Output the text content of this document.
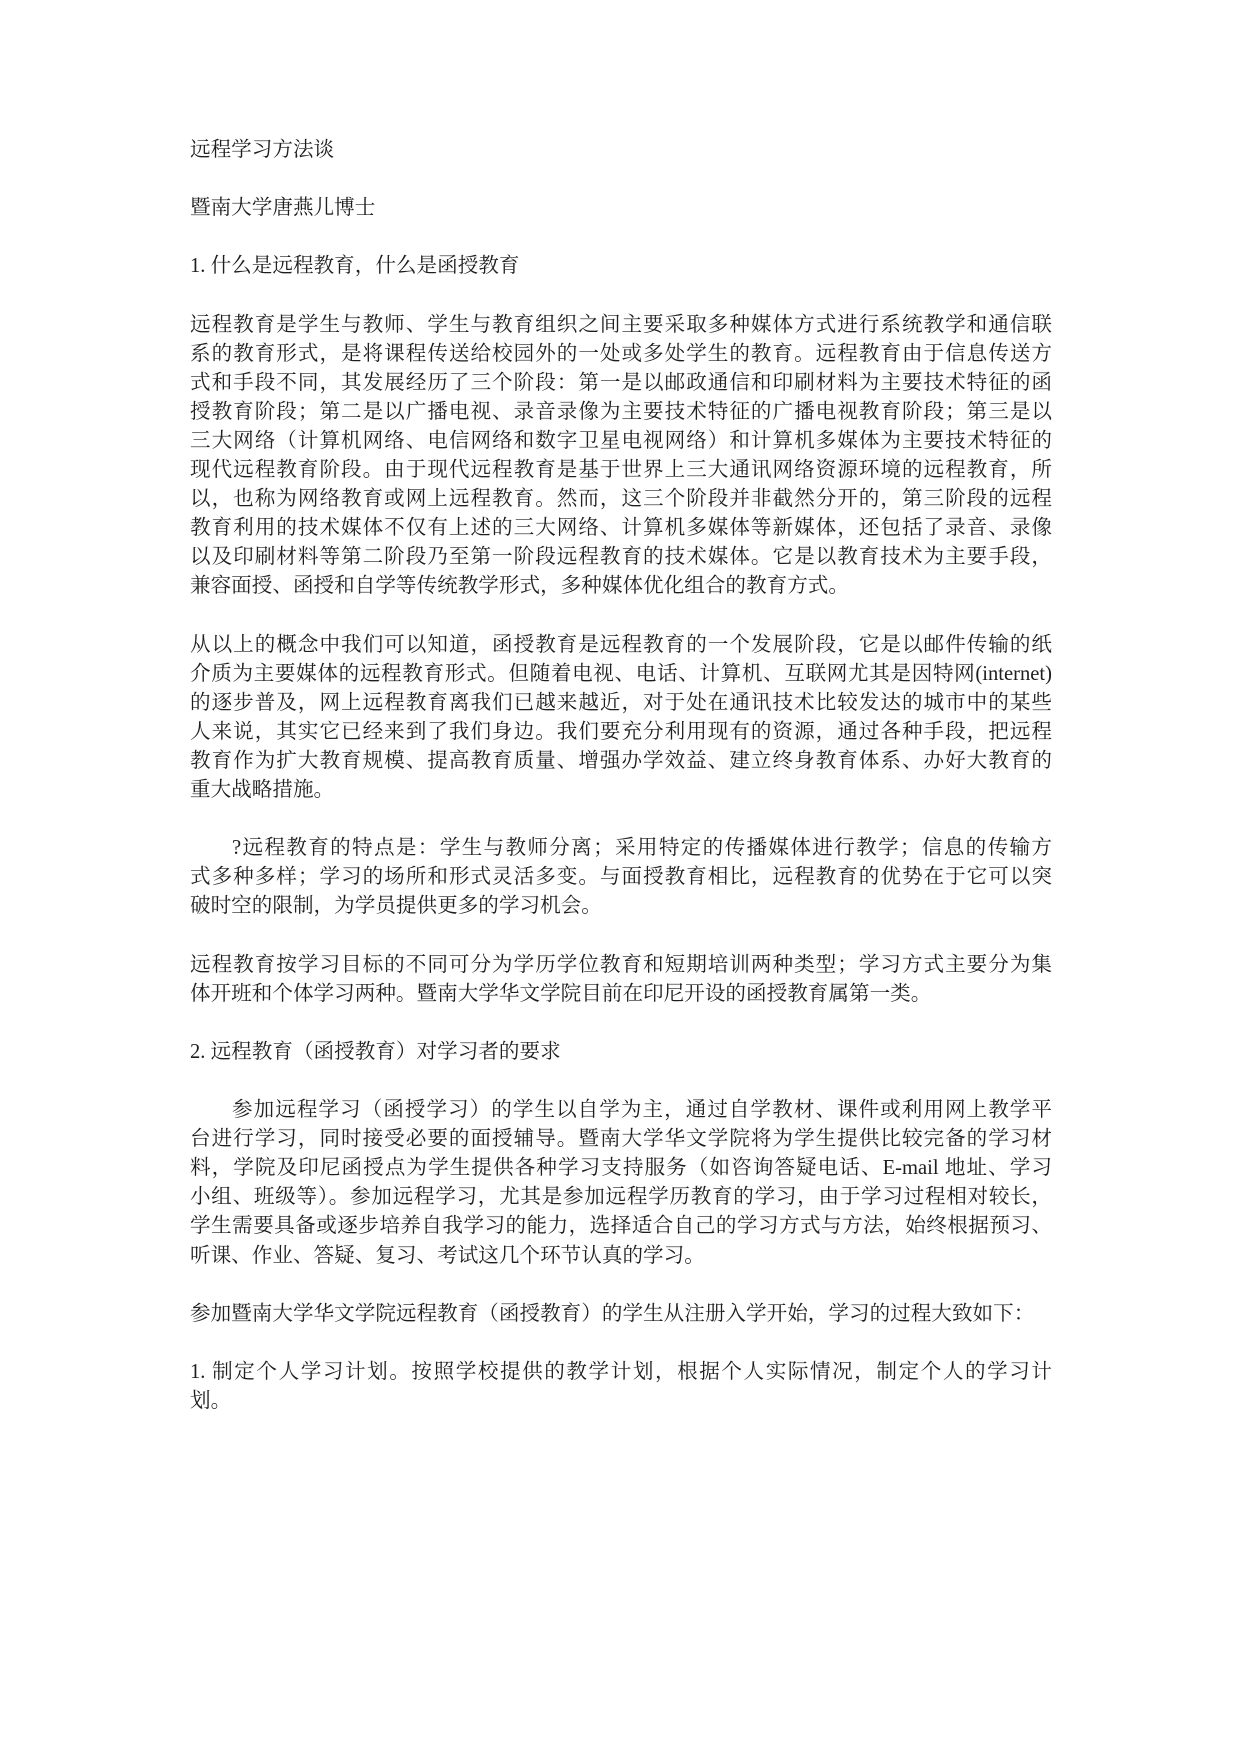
远程学习方法谈
暨南大学唐燕儿博士
1. 什么是远程教育，什么是函授教育
远程教育是学生与教师、学生与教育组织之间主要采取多种媒体方式进行系统教学和通信联
系的教育形式，是将课程传送给校园外的一处或多处学生的教育。远程教育由于信息传送方
式和手段不同，其发展经历了三个阶段：第一是以邮政通信和印刷材料为主要技术特征的函
授教育阶段；第二是以广播电视、录音录像为主要技术特征的广播电视教育阶段；第三是以
三大网络（计算机网络、电信网络和数字卫星电视网络）和计算机多媒体为主要技术特征的
现代远程教育阶段。由于现代远程教育是基于世界上三大通讯网络资源环境的远程教育，所
以，也称为网络教育或网上远程教育。然而，这三个阶段并非截然分开的，第三阶段的远程
教育利用的技术媒体不仅有上述的三大网络、计算机多媒体等新媒体，还包括了录音、录像
以及印刷材料等第二阶段乃至第一阶段远程教育的技术媒体。它是以教育技术为主要手段，
兼容面授、函授和自学等传统教学形式，多种媒体优化组合的教育方式。
从以上的概念中我们可以知道，函授教育是远程教育的一个发展阶段，它是以邮件传输的纸
介质为主要媒体的远程教育形式。但随着电视、电话、计算机、互联网尤其是因特网(internet)
的逐步普及，网上远程教育离我们已越来越近，对于处在通讯技术比较发达的城市中的某些
人来说，其实它已经来到了我们身边。我们要充分利用现有的资源，通过各种手段，把远程
教育作为扩大教育规模、提高教育质量、增强办学效益、建立终身教育体系、办好大教育的
重大战略措施。
?远程教育的特点是：学生与教师分离；采用特定的传播媒体进行教学；信息的传输方
式多种多样；学习的场所和形式灵活多变。与面授教育相比，远程教育的优势在于它可以突
破时空的限制，为学员提供更多的学习机会。
远程教育按学习目标的不同可分为学历学位教育和短期培训两种类型；学习方式主要分为集
体开班和个体学习两种。暨南大学华文学院目前在印尼开设的函授教育属第一类。
2. 远程教育（函授教育）对学习者的要求
参加远程学习（函授学习）的学生以自学为主，通过自学教材、课件或利用网上教学平
台进行学习，同时接受必要的面授辅导。暨南大学华文学院将为学生提供比较完备的学习材
料，学院及印尼函授点为学生提供各种学习支持服务（如咨询答疑电话、E-mail 地址、学习
小组、班级等）。参加远程学习，尤其是参加远程学历教育的学习，由于学习过程相对较长，
学生需要具备或逐步培养自我学习的能力，选择适合自己的学习方式与方法，始终根据预习、
听课、作业、答疑、复习、考试这几个环节认真的学习。
参加暨南大学华文学院远程教育（函授教育）的学生从注册入学开始，学习的过程大致如下：
1. 制定个人学习计划。按照学校提供的教学计划，根据个人实际情况，制定个人的学习计
划。
